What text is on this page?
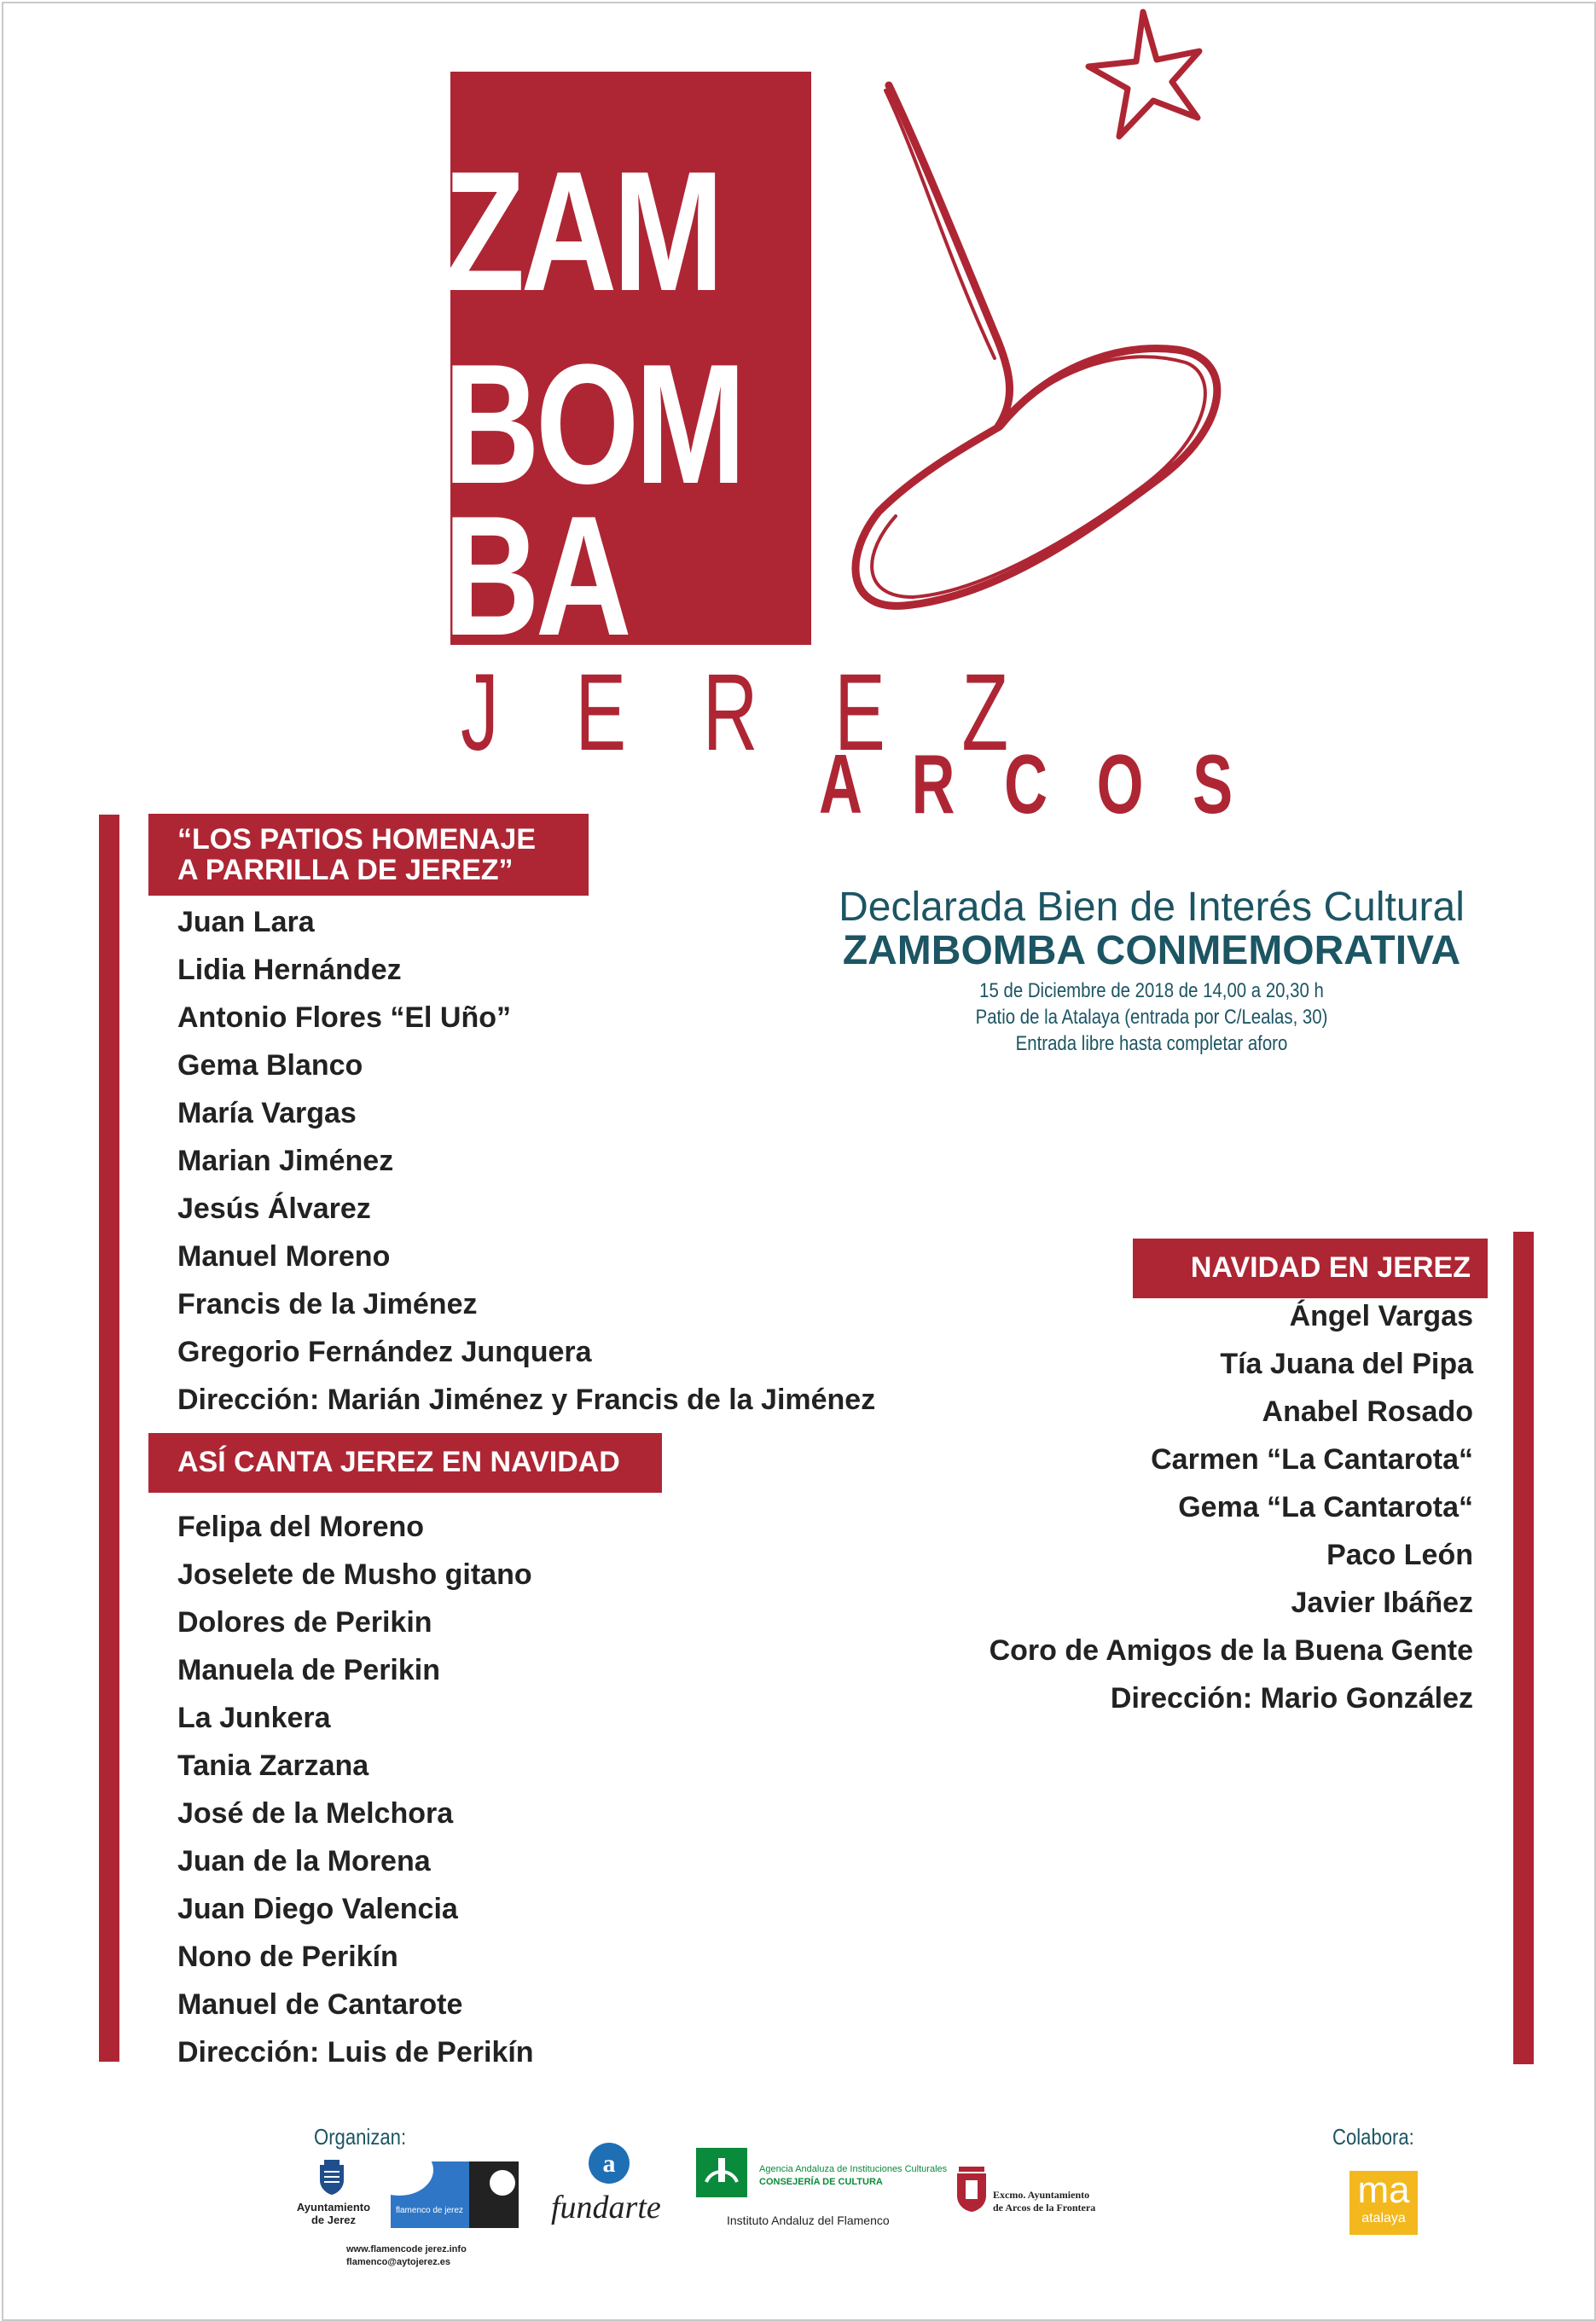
ZAM
BOM
BA
JEREZ
ARCOS
“LOS PATIOS HOMENAJE
A PARRILLA DE JEREZ”
Juan Lara
Lidia Hernández
Antonio Flores “El Uño”
Gema Blanco
María Vargas
Marian Jiménez
Jesús Álvarez
Manuel Moreno
Francis de la Jiménez
Gregorio Fernández Junquera
Dirección: Marián Jiménez y Francis de la Jiménez
ASÍ CANTA JEREZ EN NAVIDAD
Felipa del Moreno
Joselete de Musho gitano
Dolores de Perikin
Manuela de Perikin
La Junkera
Tania Zarzana
José de la Melchora
Juan de la Morena
Juan Diego Valencia
Nono de Perikín
Manuel de Cantarote
Dirección: Luis de Perikín
Declarada Bien de Interés Cultural
ZAMBOMBA CONMEMORATIVA
15 de Diciembre de 2018 de 14,00 a 20,30 h
Patio de la Atalaya (entrada por C/Lealas, 30)
Entrada libre hasta completar aforo
NAVIDAD EN JEREZ
Ángel Vargas
Tía Juana del Pipa
Anabel Rosado
Carmen “La Cantarota“
Gema “La Cantarota“
Paco León
Javier Ibáñez
Coro de Amigos de la Buena Gente
Dirección: Mario González
Organizan:	Colabora:
Ayuntamiento
de Jerez
flamenco de jerez
www.flamencode jerez.info
flamenco@aytojerez.es
a
fundarte
Agencia Andaluza de Instituciones Culturales
CONSEJERÍA DE CULTURA
Instituto Andaluz del Flamenco
Excmo. Ayuntamiento
de Arcos de la Frontera	ma
atalaya
